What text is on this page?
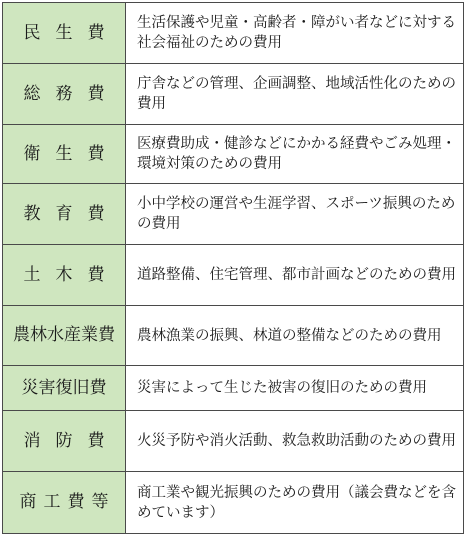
民生費	生活保護や児童・高齢者・障がい者などに対する社会福祉のための費用
総務費	庁舎などの管理、企画調整、地域活性化のための費用
衛生費	医療費助成・健診などにかかる経費やごみ処理・環境対策のための費用
教育費	小中学校の運営や生涯学習、スポーツ振興のための費用
土木費	道路整備、住宅管理、都市計画などのための費用
農林水産業費	農林漁業の振興、林道の整備などのための費用
災害復旧費	災害によって生じた被害の復旧のための費用
消防費	火災予防や消火活動、救急救助活動のための費用
商工費等	商工業や観光振興のための費用（議会費などを含めています）
